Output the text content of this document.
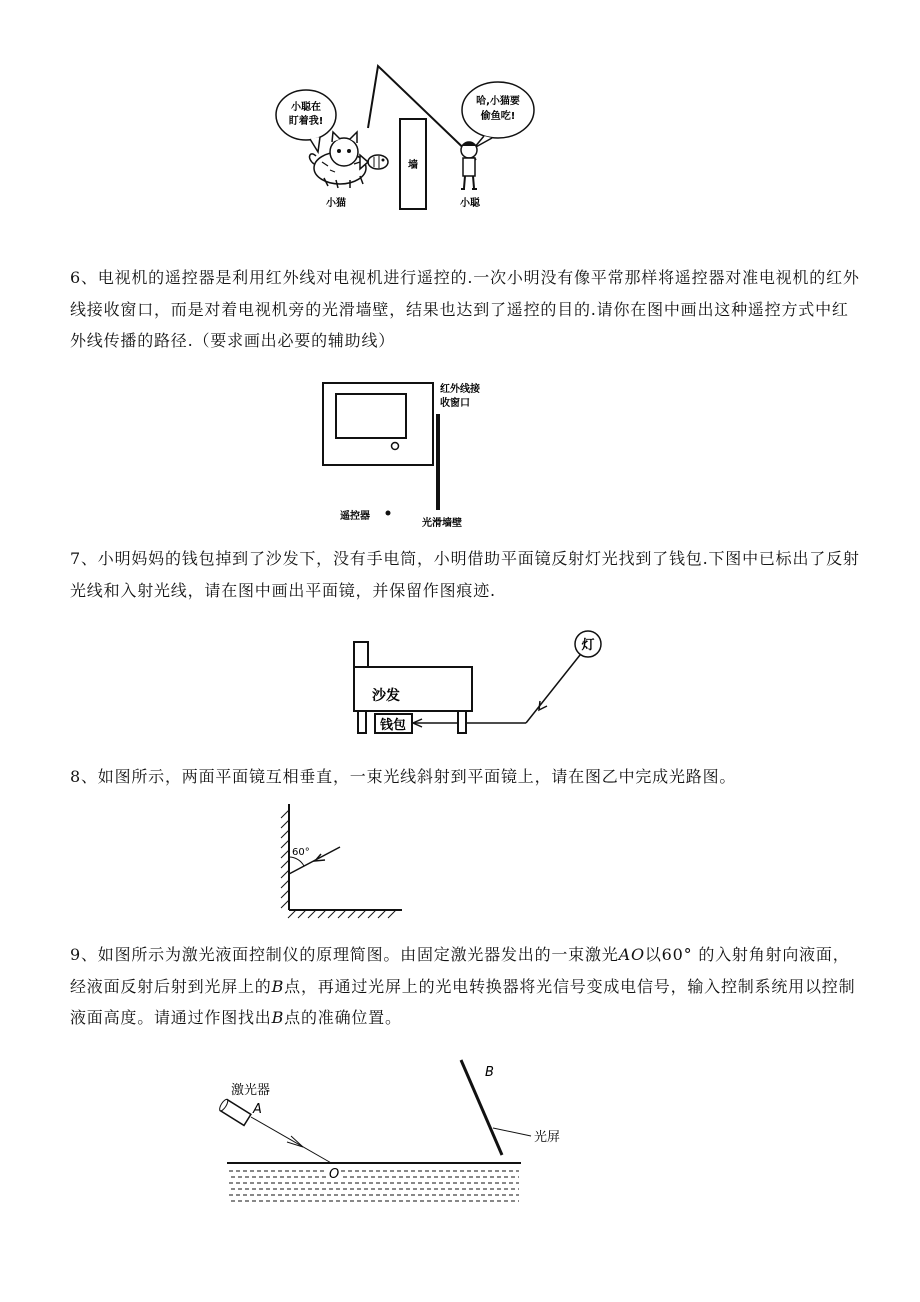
小聪在
盯着我!
哈,小猫要
偷鱼吃!
墙
小猫	小聪

6、电视机的遥控器是利用红外线对电视机进行遥控的.一次小明没有像平常那样将遥控器对准电视机的红外线接收窗口，而是对着电视机旁的光滑墙壁，结果也达到了遥控的目的.请你在图中画出这种遥控方式中红外线传播的路径.（要求画出必要的辅助线）

红外线接
收窗口
遥控器
光滑墙壁

7、小明妈妈的钱包掉到了沙发下，没有手电筒，小明借助平面镜反射灯光找到了钱包.下图中已标出了反射光线和入射光线，请在图中画出平面镜，并保留作图痕迹.

灯
沙发
钱包

8、如图所示，两面平面镜互相垂直，一束光线斜射到平面镜上，请在图乙中完成光路图。

60°

9、如图所示为激光液面控制仪的原理简图。由固定激光器发出的一束激光AO以60° 的入射角射向液面，经液面反射后射到光屏上的B点，再通过光屏上的光电转换器将光信号变成电信号，输入控制系统用以控制液面高度。请通过作图找出B点的准确位置。

激光器
A
O
B
光屏
